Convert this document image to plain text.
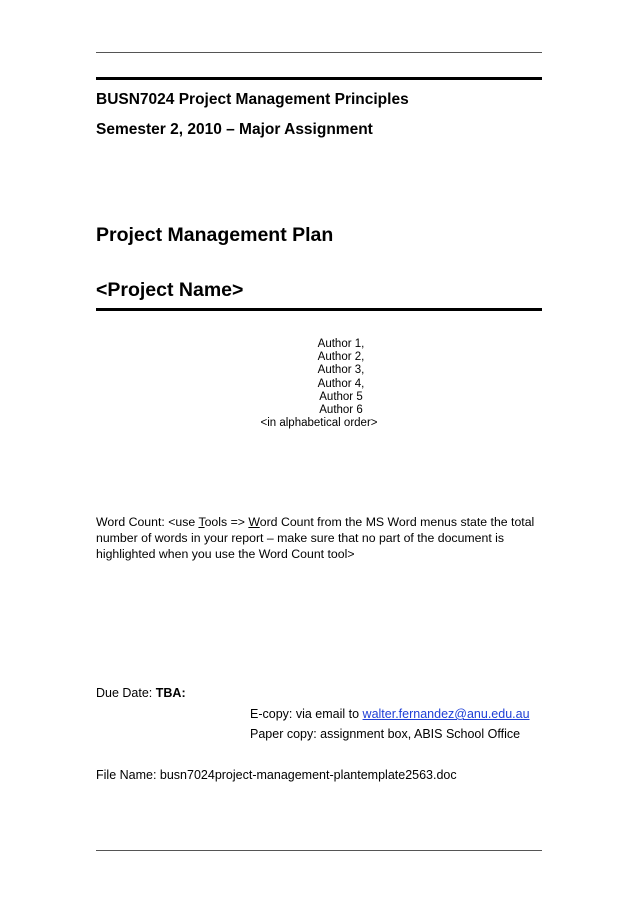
BUSN7024 Project Management Principles
Semester 2, 2010 – Major Assignment
Project Management Plan
<Project Name>
Author 1,
Author 2,
Author 3,
Author 4,
Author 5
Author 6
<in alphabetical order>
Word Count: <use Tools => Word Count from the MS Word menus state the total
number of words in your report – make sure that no part of the document is
highlighted when you use the Word Count tool>
Due Date: TBA:
E-copy: via email to walter.fernandez@anu.edu.au
Paper copy: assignment box, ABIS School Office
File Name: busn7024project-management-plantemplate2563.doc
